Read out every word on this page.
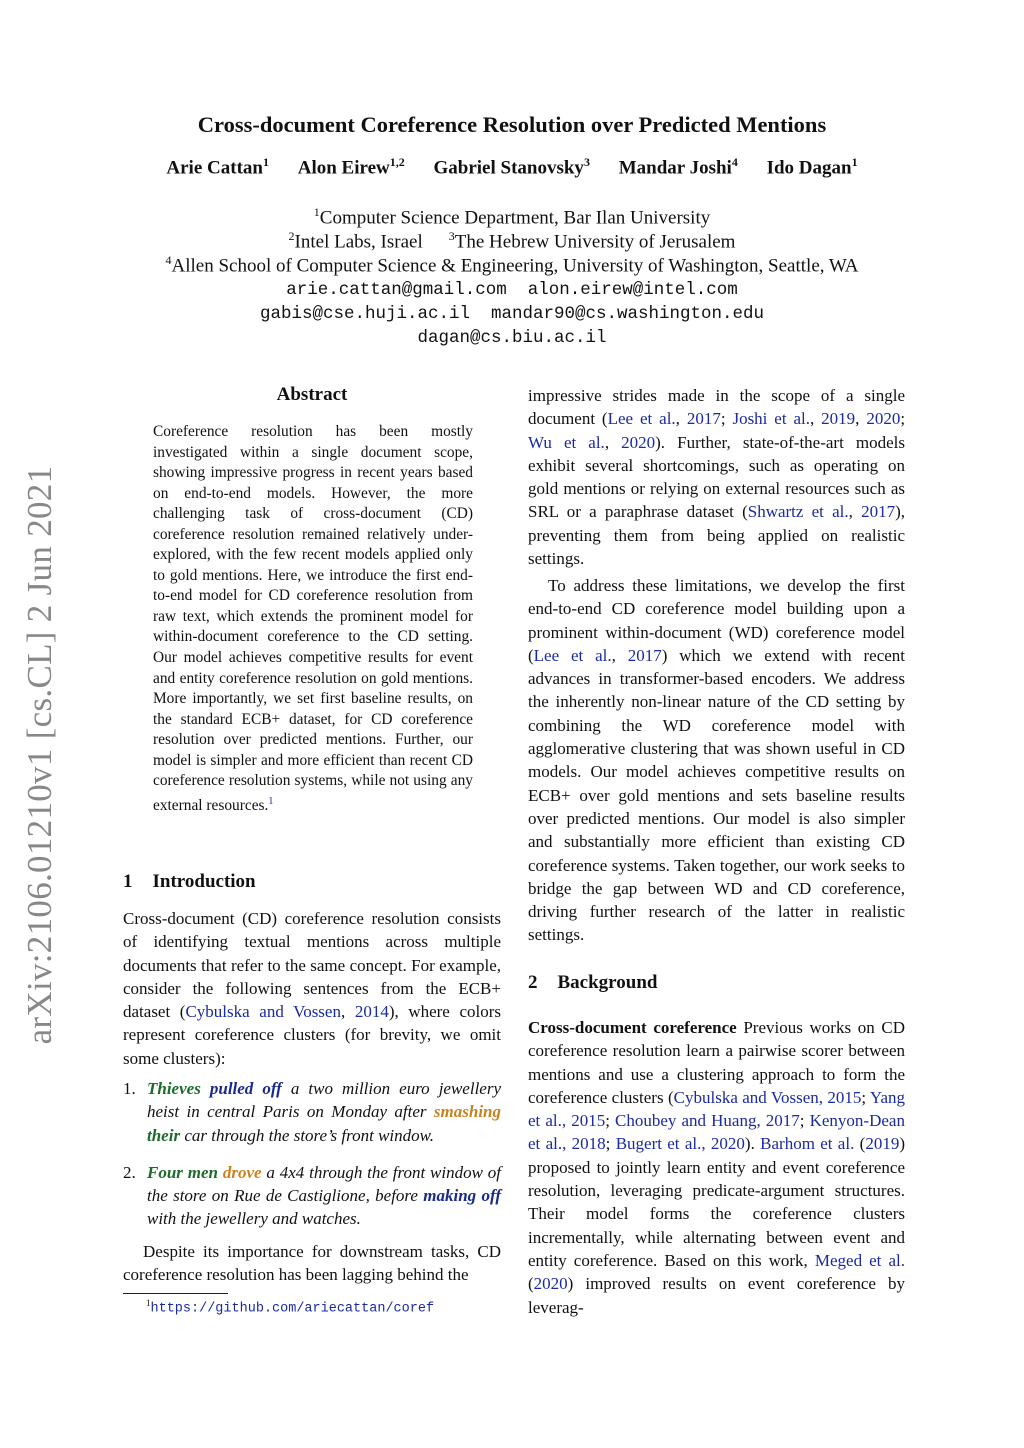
arXiv:2106.01210v1 [cs.CL] 2 Jun 2021
Cross-document Coreference Resolution over Predicted Mentions
Arie Cattan$^1$ Alon Eirew$^{1,2}$ Gabriel Stanovsky$^3$ Mandar Joshi$^4$ Ido Dagan$^1$
$^1$Computer Science Department, Bar Ilan University
$^2$Intel Labs, Israel $^3$The Hebrew University of Jerusalem
$^4$Allen School of Computer Science & Engineering, University of Washington, Seattle, WA
arie.cattan@gmail.com  alon.eirew@intel.com
gabis@cse.huji.ac.il  mandar90@cs.washington.edu
dagan@cs.biu.ac.il
Abstract
Coreference resolution has been mostly investigated within a single document scope, showing impressive progress in recent years based on end-to-end models. However, the more challenging task of cross-document (CD) coreference resolution remained relatively under-explored, with the few recent models applied only to gold mentions. Here, we introduce the first end-to-end model for CD coreference resolution from raw text, which extends the prominent model for within-document coreference to the CD setting. Our model achieves competitive results for event and entity coreference resolution on gold mentions. More importantly, we set first baseline results, on the standard ECB+ dataset, for CD coreference resolution over predicted mentions. Further, our model is simpler and more efficient than recent CD coreference resolution systems, while not using any external resources.$^1$
1 Introduction
Cross-document (CD) coreference resolution consists of identifying textual mentions across multiple documents that refer to the same concept. For example, consider the following sentences from the ECB+ dataset (Cybulska and Vossen, 2014), where colors represent coreference clusters (for brevity, we omit some clusters):
1. Thieves pulled off a two million euro jewellery heist in central Paris on Monday after smashing their car through the store’s front window.
2. Four men drove a 4x4 through the front window of the store on Rue de Castiglione, before making off with the jewellery and watches.
Despite its importance for downstream tasks, CD coreference resolution has been lagging behind the
$^1$https://github.com/ariecattan/coref
impressive strides made in the scope of a single document (Lee et al., 2017; Joshi et al., 2019, 2020; Wu et al., 2020). Further, state-of-the-art models exhibit several shortcomings, such as operating on gold mentions or relying on external resources such as SRL or a paraphrase dataset (Shwartz et al., 2017), preventing them from being applied on realistic settings.
To address these limitations, we develop the first end-to-end CD coreference model building upon a prominent within-document (WD) coreference model (Lee et al., 2017) which we extend with recent advances in transformer-based encoders. We address the inherently non-linear nature of the CD setting by combining the WD coreference model with agglomerative clustering that was shown useful in CD models. Our model achieves competitive results on ECB+ over gold mentions and sets baseline results over predicted mentions. Our model is also simpler and substantially more efficient than existing CD coreference systems. Taken together, our work seeks to bridge the gap between WD and CD coreference, driving further research of the latter in realistic settings.
2 Background
Cross-document coreference Previous works on CD coreference resolution learn a pairwise scorer between mentions and use a clustering approach to form the coreference clusters (Cybulska and Vossen, 2015; Yang et al., 2015; Choubey and Huang, 2017; Kenyon-Dean et al., 2018; Bugert et al., 2020). Barhom et al. (2019) proposed to jointly learn entity and event coreference resolution, leveraging predicate-argument structures. Their model forms the coreference clusters incrementally, while alternating between event and entity coreference. Based on this work, Meged et al. (2020) improved results on event coreference by leverag-
